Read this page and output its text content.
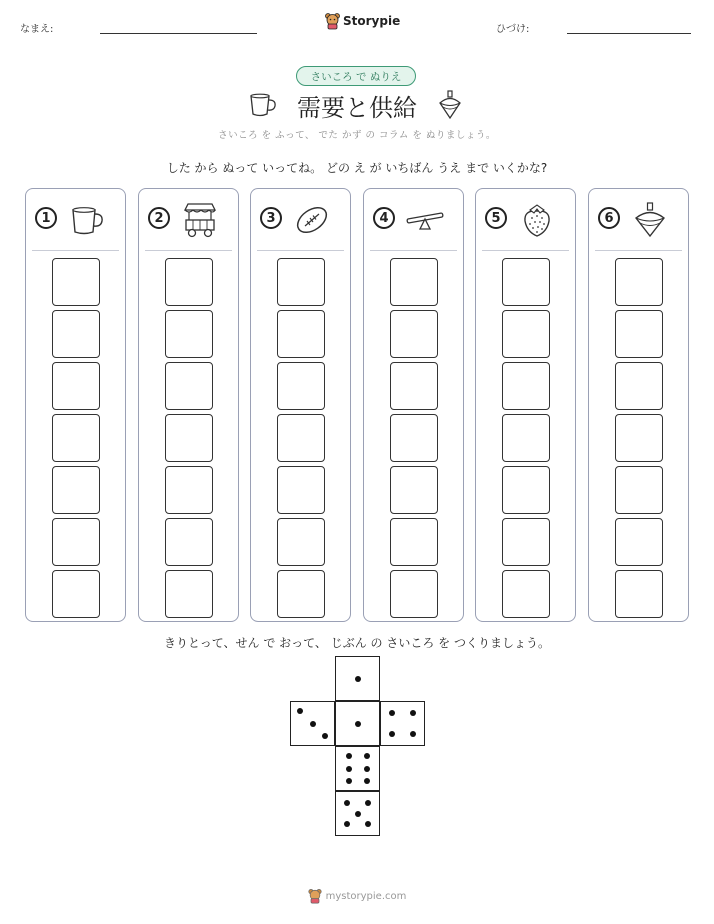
なまえ:
Storypie
ひづけ:
さいころ で ぬりえ
需要と供給
さいころ を ふって、 でた かず の コラム を ぬりましょう。
した から ぬって いってね。 どの え が いちばん うえ まで いくかな?
1	2	3	4	5	6
きりとって、せん で おって、 じぶん の さいころ を つくりましょう。
mystorypie.com
